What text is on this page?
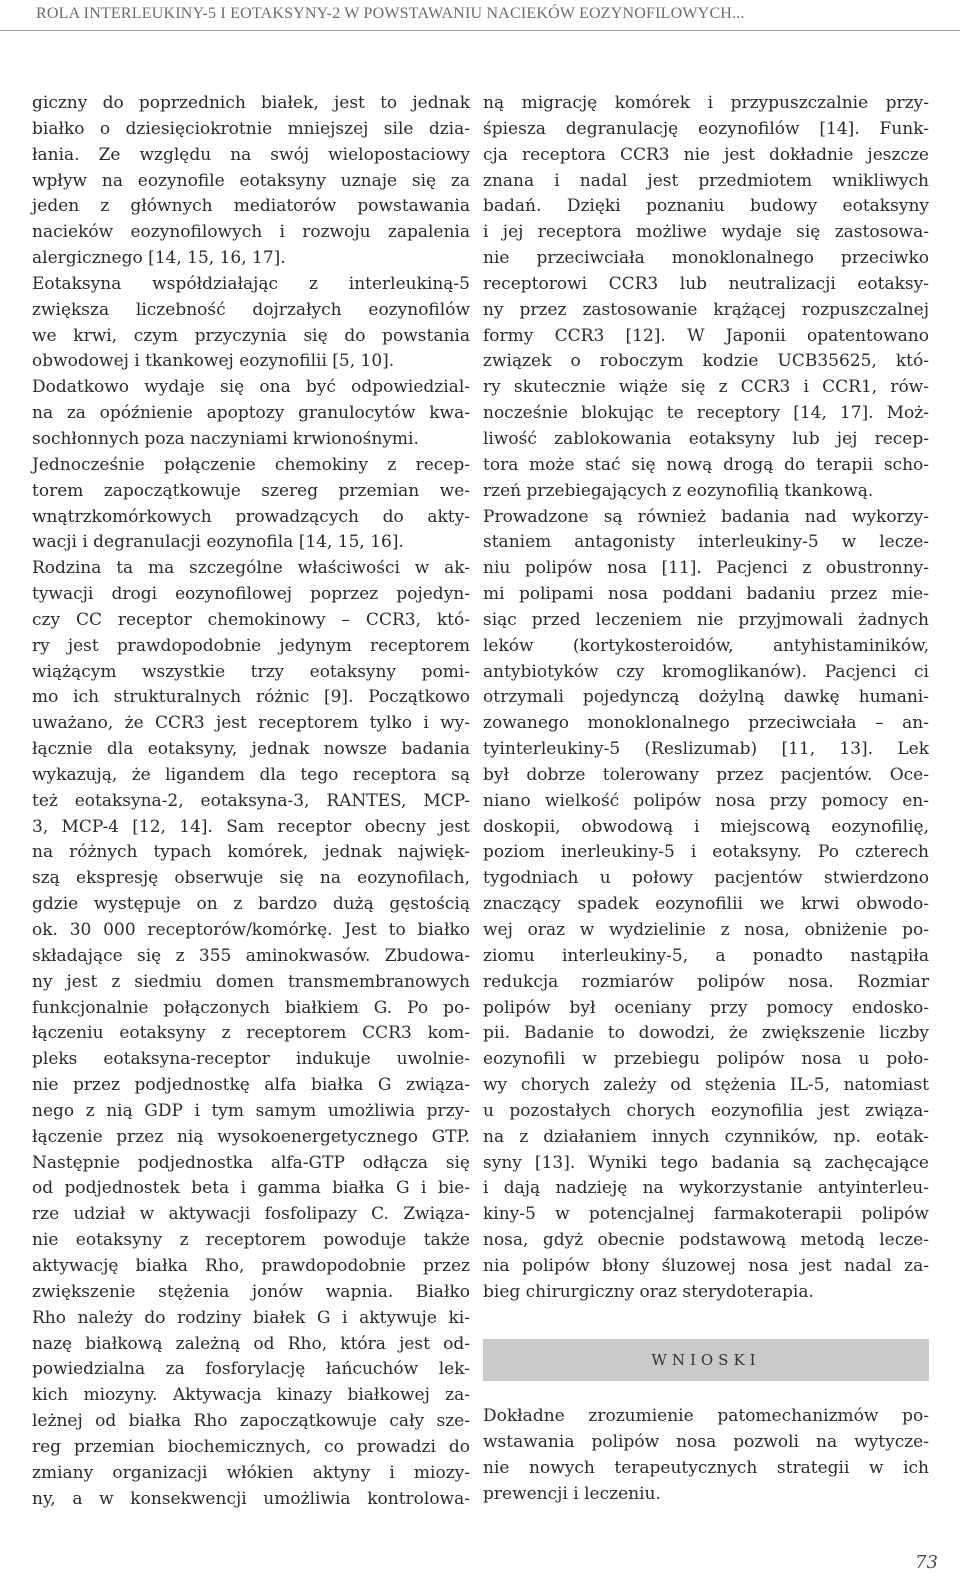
ROLA INTERLEUKINY-5 I EOTAKSYNY-2 W POWSTAWANIU NACIEKÓW EOZYNOFILOWYCH...
giczny do poprzednich białek, jest to jednak
białko o dziesięciokrotnie mniejszej sile dzia-
łania. Ze względu na swój wielopostaciowy
wpływ na eozynofile eotaksyny uznaje się za
jeden z głównych mediatorów powstawania
nacieków eozynofilowych i rozwoju zapalenia
alergicznego [14, 15, 16, 17].
Eotaksyna współdziałając z interleukiną-5
zwiększa liczebność dojrzałych eozynofilów
we krwi, czym przyczynia się do powstania
obwodowej i tkankowej eozynofilii [5, 10].
Dodatkowo wydaje się ona być odpowiedzial-
na za opóźnienie apoptozy granulocytów kwa-
sochłonnych poza naczyniami krwionośnymi.
Jednocześnie połączenie chemokiny z recep-
torem zapoczątkowuje szereg przemian we-
wnątrzkomórkowych prowadzących do akty-
wacji i degranulacji eozynofila [14, 15, 16].
Rodzina ta ma szczególne właściwości w ak-
tywacji drogi eozynofilowej poprzez pojedyn-
czy CC receptor chemokinowy – CCR3, któ-
ry jest prawdopodobnie jedynym receptorem
wiążącym wszystkie trzy eotaksyny pomi-
mo ich strukturalnych różnic [9]. Początkowo
uważano, że CCR3 jest receptorem tylko i wy-
łącznie dla eotaksyny, jednak nowsze badania
wykazują, że ligandem dla tego receptora są
też eotaksyna-2, eotaksyna-3, RANTES, MCP-
3, MCP-4 [12, 14]. Sam receptor obecny jest
na różnych typach komórek, jednak najwięk-
szą ekspresję obserwuje się na eozynofilach,
gdzie występuje on z bardzo dużą gęstością
ok. 30 000 receptorów/komórkę. Jest to białko
składające się z 355 aminokwasów. Zbudowa-
ny jest z siedmiu domen transmembranowych
funkcjonalnie połączonych białkiem G. Po po-
łączeniu eotaksyny z receptorem CCR3 kom-
pleks eotaksyna-receptor indukuje uwolnie-
nie przez podjednostkę alfa białka G związa-
nego z nią GDP i tym samym umożliwia przy-
łączenie przez nią wysokoenergetycznego GTP.
Następnie podjednostka alfa-GTP odłącza się
od podjednostek beta i gamma białka G i bie-
rze udział w aktywacji fosfolipazy C. Związa-
nie eotaksyny z receptorem powoduje także
aktywację białka Rho, prawdopodobnie przez
zwiększenie stężenia jonów wapnia. Białko
Rho należy do rodziny białek G i aktywuje ki-
nazę białkową zależną od Rho, która jest od-
powiedzialna za fosforylację łańcuchów lek-
kich miozyny. Aktywacja kinazy białkowej za-
leżnej od białka Rho zapoczątkowuje cały sze-
reg przemian biochemicznych, co prowadzi do
zmiany organizacji włókien aktyny i miozy-
ny, a w konsekwencji umożliwia kontrolowa-
ną migrację komórek i przypuszczalnie przy-
śpiesza degranulację eozynofilów [14]. Funk-
cja receptora CCR3 nie jest dokładnie jeszcze
znana i nadal jest przedmiotem wnikliwych
badań. Dzięki poznaniu budowy eotaksyny
i jej receptora możliwe wydaje się zastosowa-
nie przeciwciała monoklonalnego przeciwko
receptorowi CCR3 lub neutralizacji eotaksy-
ny przez zastosowanie krążącej rozpuszczalnej
formy CCR3 [12]. W Japonii opatentowano
związek o roboczym kodzie UCB35625, któ-
ry skutecznie wiąże się z CCR3 i CCR1, rów-
nocześnie blokując te receptory [14, 17]. Moż-
liwość zablokowania eotaksyny lub jej recep-
tora może stać się nową drogą do terapii scho-
rzeń przebiegających z eozynofilią tkankową.
Prowadzone są również badania nad wykorzy-
staniem antagonisty interleukiny-5 w lecze-
niu polipów nosa [11]. Pacjenci z obustronny-
mi polipami nosa poddani badaniu przez mie-
siąc przed leczeniem nie przyjmowali żadnych
leków (kortykosteroidów, antyhistaminików,
antybiotyków czy kromoglikanów). Pacjenci ci
otrzymali pojedynczą dożylną dawkę humani-
zowanego monoklonalnego przeciwciała – an-
tyinterleukiny-5 (Reslizumab) [11, 13]. Lek
był dobrze tolerowany przez pacjentów. Oce-
niano wielkość polipów nosa przy pomocy en-
doskopii, obwodową i miejscową eozynofilię,
poziom inerleukiny-5 i eotaksyny. Po czterech
tygodniach u połowy pacjentów stwierdzono
znaczący spadek eozynofilii we krwi obwodo-
wej oraz w wydzielinie z nosa, obniżenie po-
ziomu interleukiny-5, a ponadto nastąpiła
redukcja rozmiarów polipów nosa. Rozmiar
polipów był oceniany przy pomocy endosko-
pii. Badanie to dowodzi, że zwiększenie liczby
eozynofili w przebiegu polipów nosa u poło-
wy chorych zależy od stężenia IL-5, natomiast
u pozostałych chorych eozynofilia jest związa-
na z działaniem innych czynników, np. eotak-
syny [13]. Wyniki tego badania są zachęcające
i dają nadzieję na wykorzystanie antyinterleu-
kiny-5 w potencjalnej farmakoterapii polipów
nosa, gdyż obecnie podstawową metodą lecze-
nia polipów błony śluzowej nosa jest nadal za-
bieg chirurgiczny oraz sterydoterapia.
WNIOSKI
Dokładne zrozumienie patomechanizmów po-
wstawania polipów nosa pozwoli na wytycze-
nie nowych terapeutycznych strategii w ich
prewencji i leczeniu.
73
